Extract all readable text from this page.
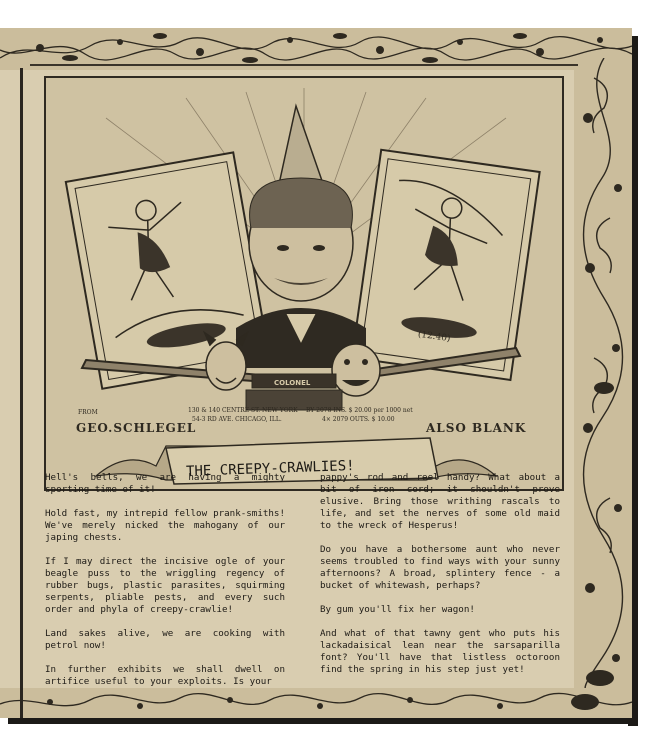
(12.40)
COLONEL
FROM
GEO.SCHLEGEL
130 & 140 CENTRE ST. NEW YORK
54-3 RD AVE. CHICAGO, ILL.
BY 2078 INS. $ 20.00 per 1000 net
4× 2079 OUTS. $ 10.00
ALSO BLANK
THE CREEPY-CRAWLIES!

Hell's bells, we are having a mighty sporting time of it!

Hold fast, my intrepid fellow prank-smiths! We've merely nicked the mahogany of our japing chests.

If I may direct the incisive ogle of your beagle puss to the wriggling regency of rubber bugs, plastic parasites, squirming serpents, pliable pests, and every such order and phyla of creepy-crawlie!

Land sakes alive, we are cooking with petrol now!

In further exhibits we shall dwell on artifice useful to your exploits. Is your

pappy's rod and reel handy? What about a bit of iron cord; it shouldn't prove elusive. Bring those writhing rascals to life, and set the nerves of some old maid to the wreck of Hesperus!

Do you have a bothersome aunt who never seems troubled to find ways with your sunny afternoons? A broad, splintery fence - a bucket of whitewash, perhaps?

By gum you'll fix her wagon!

And what of that tawny gent who puts his lackadaisical lean near the sarsaparilla font? You'll have that listless octoroon find the spring in his step just yet!
